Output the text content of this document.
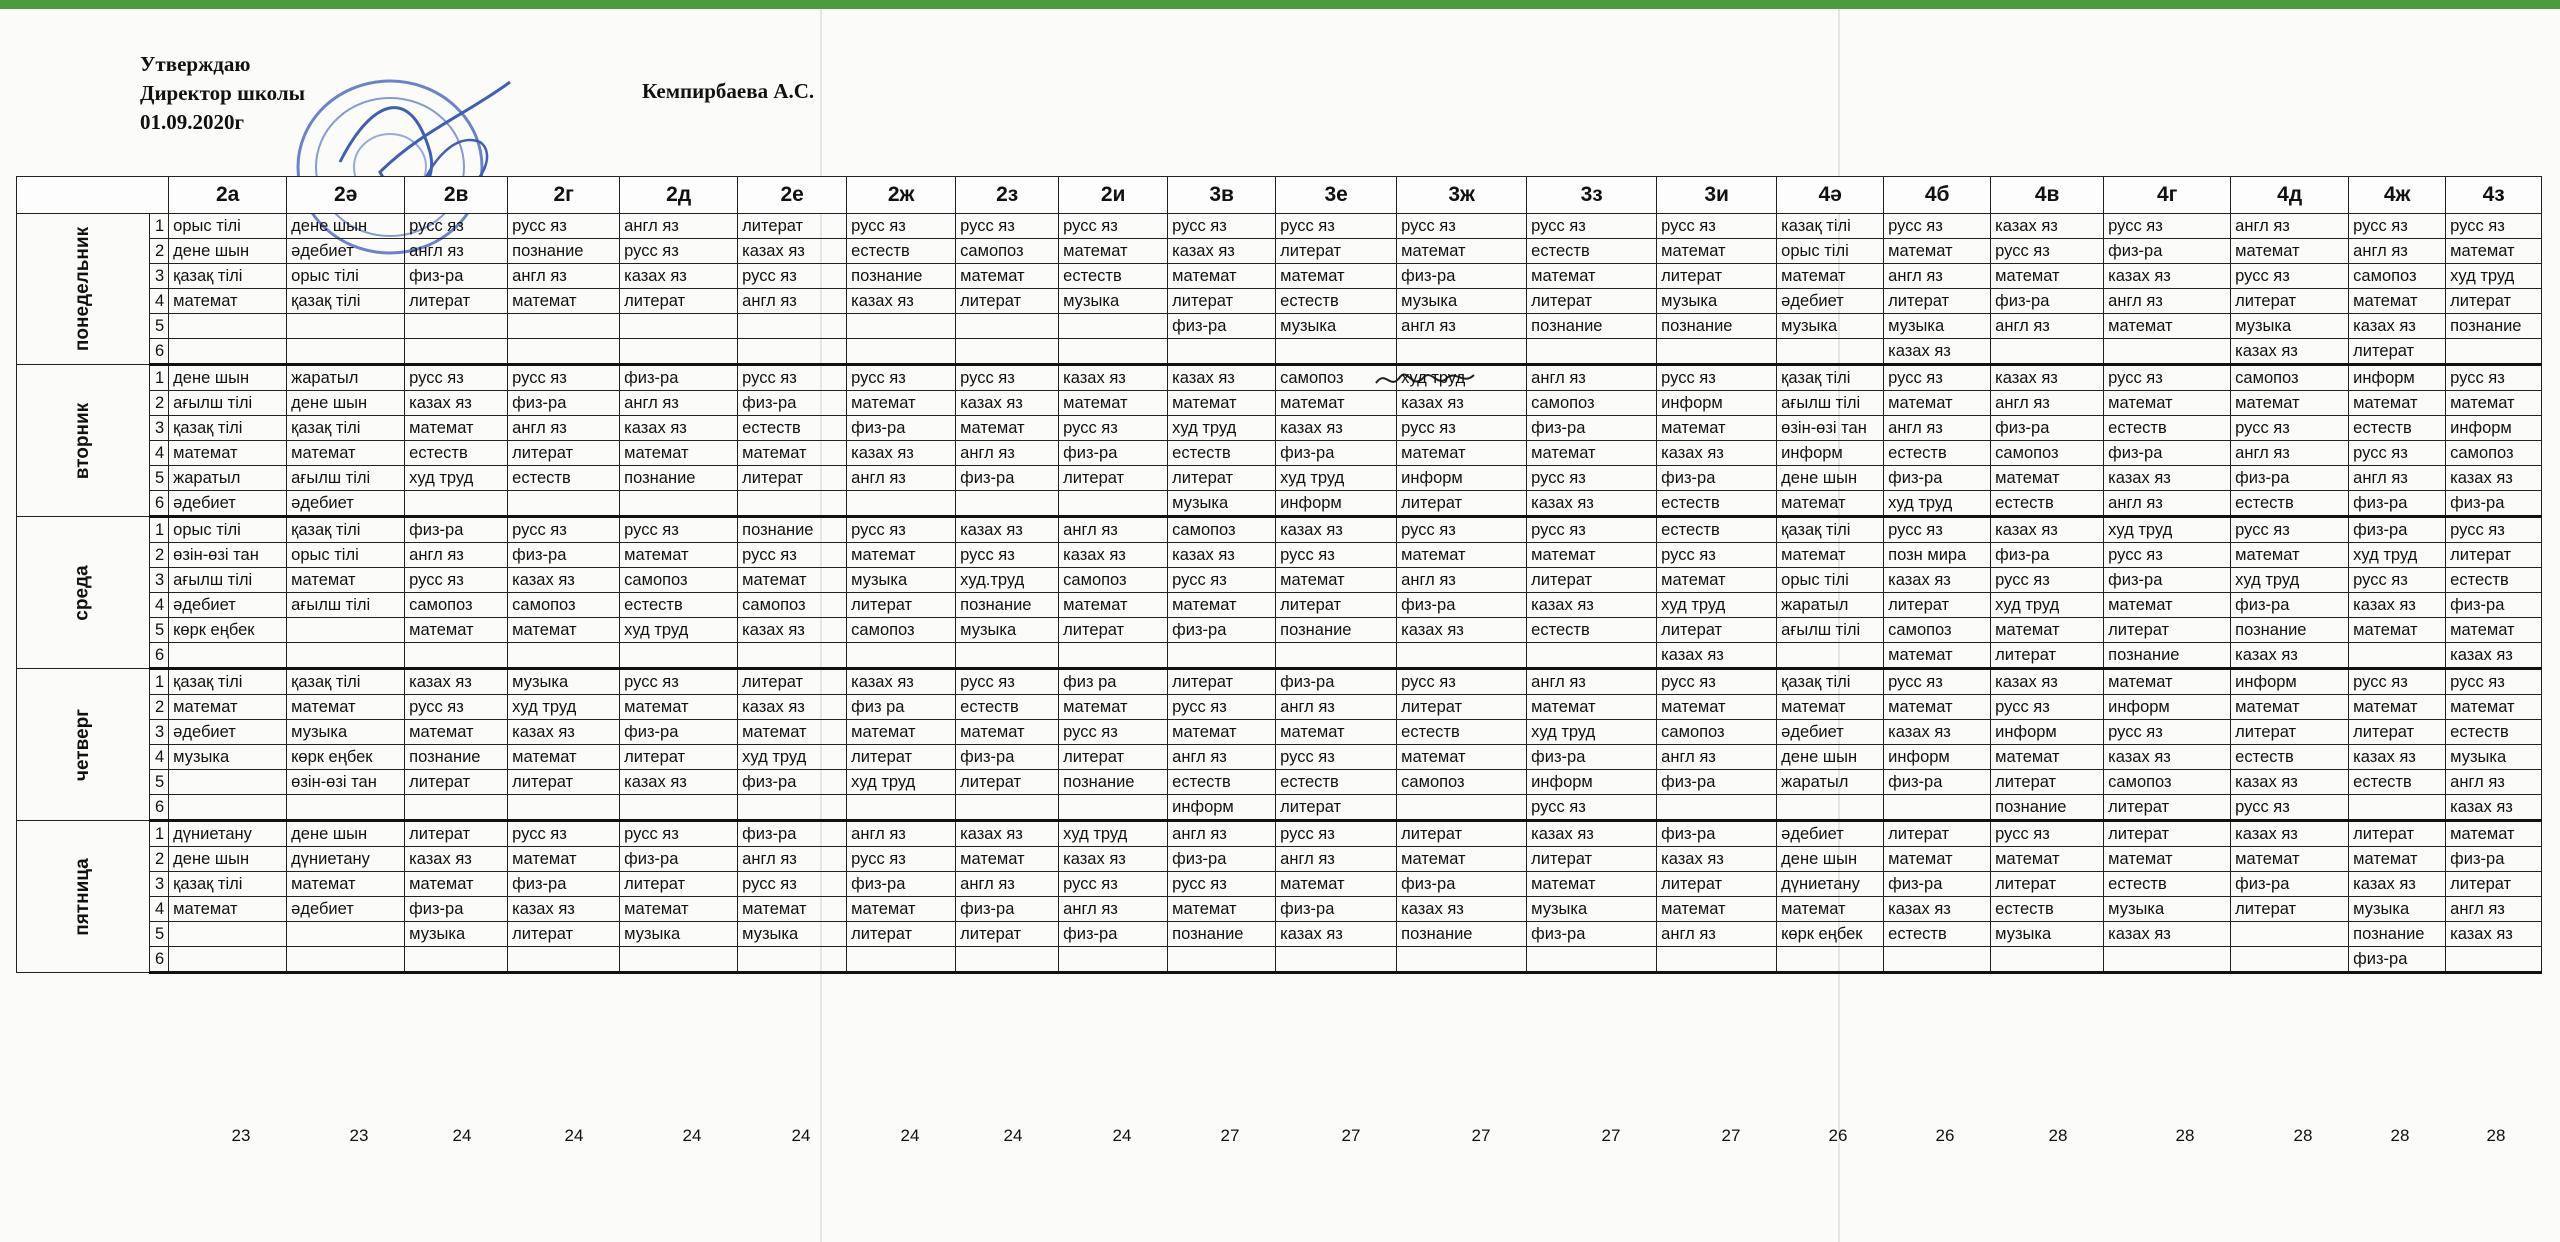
Утверждаю
Директор школы
01.09.2020г
Кемпирбаева А.С.
		2а	2ә	2в	2г	2д	2е	2ж	2з	2и	3в	3е	3ж	3з	3и	4ә	4б	4в	4г	4д	4ж	4з
понедельник	1	орыс тілі	дене шын	русс яз	русс яз	англ яз	литерат	русс яз	русс яз	русс яз	русс яз	русс яз	русс яз	русс яз	русс яз	казақ тілі	русс яз	казах яз	русс яз	англ яз	русс яз	русс яз
	2	дене шын	әдебиет	англ яз	познание	русс яз	казах яз	естеств	самопоз	математ	казах яз	литерат	математ	естеств	математ	орыс тілі	математ	русс яз	физ-ра	математ	англ яз	математ
	3	қазақ тілі	орыс тілі	физ-ра	англ яз	казах яз	русс яз	познание	математ	естеств	математ	математ	физ-ра	математ	литерат	математ	англ яз	математ	казах яз	русс яз	самопоз	худ труд
	4	математ	қазақ тілі	литерат	математ	литерат	англ яз	казах яз	литерат	музыка	литерат	естеств	музыка	литерат	музыка	әдебиет	литерат	физ-ра	англ яз	литерат	математ	литерат
	5										физ-ра	музыка	англ яз	познание	познание	музыка	музыка	англ яз	математ	музыка	казах яз	познание
	6																казах яз			казах яз	литерат	
вторник	1	дене шын	жаратыл	русс яз	русс яз	физ-ра	русс яз	русс яз	русс яз	казах яз	казах яз	самопоз	худ труд	англ яз	русс яз	қазақ тілі	русс яз	казах яз	русс яз	самопоз	информ	русс яз
	2	ағылш тілі	дене шын	казах яз	физ-ра	англ яз	физ-ра	математ	казах яз	математ	математ	математ	казах яз	самопоз	информ	ағылш тілі	математ	англ яз	математ	математ	математ	математ
	3	қазақ тілі	қазақ тілі	математ	англ яз	казах яз	естеств	физ-ра	математ	русс яз	худ труд	казах яз	русс яз	физ-ра	математ	өзін-өзі тан	англ яз	физ-ра	естеств	русс яз	естеств	информ
	4	математ	математ	естеств	литерат	математ	математ	казах яз	англ яз	физ-ра	естеств	физ-ра	математ	математ	казах яз	информ	естеств	самопоз	физ-ра	англ яз	русс яз	самопоз
	5	жаратыл	ағылш тілі	худ труд	естеств	познание	литерат	англ яз	физ-ра	литерат	литерат	худ труд	информ	русс яз	физ-ра	дене шын	физ-ра	математ	казах яз	физ-ра	англ яз	казах яз
	6	әдебиет	әдебиет								музыка	информ	литерат	казах яз	естеств	математ	худ труд	естеств	англ яз	естеств	физ-ра	физ-ра
среда	1	орыс тілі	қазақ тілі	физ-ра	русс яз	русс яз	познание	русс яз	казах яз	англ яз	самопоз	казах яз	русс яз	русс яз	естеств	қазақ тілі	русс яз	казах яз	худ труд	русс яз	физ-ра	русс яз
	2	өзін-өзі тан	орыс тілі	англ яз	физ-ра	математ	русс яз	математ	русс яз	казах яз	казах яз	русс яз	математ	математ	русс яз	математ	позн мира	физ-ра	русс яз	математ	худ труд	литерат
	3	ағылш тілі	математ	русс яз	казах яз	самопоз	математ	музыка	худ.труд	самопоз	русс яз	математ	англ яз	литерат	математ	орыс тілі	казах яз	русс яз	физ-ра	худ труд	русс яз	естеств
	4	әдебиет	ағылш тілі	самопоз	самопоз	естеств	самопоз	литерат	познание	математ	математ	литерат	физ-ра	казах яз	худ труд	жаратыл	литерат	худ труд	математ	физ-ра	казах яз	физ-ра
	5	көрк еңбек		математ	математ	худ труд	казах яз	самопоз	музыка	литерат	физ-ра	познание	казах яз	естеств	литерат	ағылш тілі	самопоз	математ	литерат	познание	математ	математ
	6														казах яз		математ	литерат	познание	казах яз		казах яз
четверг	1	қазақ тілі	қазақ тілі	казах яз	музыка	русс яз	литерат	казах яз	русс яз	физ ра	литерат	физ-ра	русс яз	англ яз	русс яз	қазақ тілі	русс яз	казах яз	математ	информ	русс яз	русс яз
	2	математ	математ	русс яз	худ труд	математ	казах яз	физ ра	естеств	математ	русс яз	англ яз	литерат	математ	математ	математ	математ	русс яз	информ	математ	математ	математ
	3	әдебиет	музыка	математ	казах яз	физ-ра	математ	математ	математ	русс яз	математ	математ	естеств	худ труд	самопоз	әдебиет	казах яз	информ	русс яз	литерат	литерат	естеств
	4	музыка	көрк еңбек	познание	математ	литерат	худ труд	литерат	физ-ра	литерат	англ яз	русс яз	математ	физ-ра	англ яз	дене шын	информ	математ	казах яз	естеств	казах яз	музыка
	5		өзін-өзі тан	литерат	литерат	казах яз	физ-ра	худ труд	литерат	познание	естеств	естеств	самопоз	информ	физ-ра	жаратыл	физ-ра	литерат	самопоз	казах яз	естеств	англ яз
	6										информ	литерат		русс яз				познание	литерат	русс яз		казах яз
пятница	1	дүниетану	дене шын	литерат	русс яз	русс яз	физ-ра	англ яз	казах яз	худ труд	англ яз	русс яз	литерат	казах яз	физ-ра	әдебиет	литерат	русс яз	литерат	казах яз	литерат	математ
	2	дене шын	дүниетану	казах яз	математ	физ-ра	англ яз	русс яз	математ	казах яз	физ-ра	англ яз	математ	литерат	казах яз	дене шын	математ	математ	математ	математ	математ	физ-ра
	3	қазақ тілі	математ	математ	физ-ра	литерат	русс яз	физ-ра	англ яз	русс яз	русс яз	математ	физ-ра	математ	литерат	дүниетану	физ-ра	литерат	естеств	физ-ра	казах яз	литерат
	4	математ	әдебиет	физ-ра	казах яз	математ	математ	математ	физ-ра	англ яз	математ	физ-ра	казах яз	музыка	математ	математ	казах яз	естеств	музыка	литерат	музыка	англ яз
	5			музыка	литерат	музыка	музыка	литерат	литерат	физ-ра	познание	казах яз	познание	физ-ра	англ яз	көрк еңбек	естеств	музыка	казах яз		познание	казах яз
	6																				физ-ра	
23	23	24	24	24	24	24	24	24	27	27	27	27	27	26	26	28	28	28	28	28
